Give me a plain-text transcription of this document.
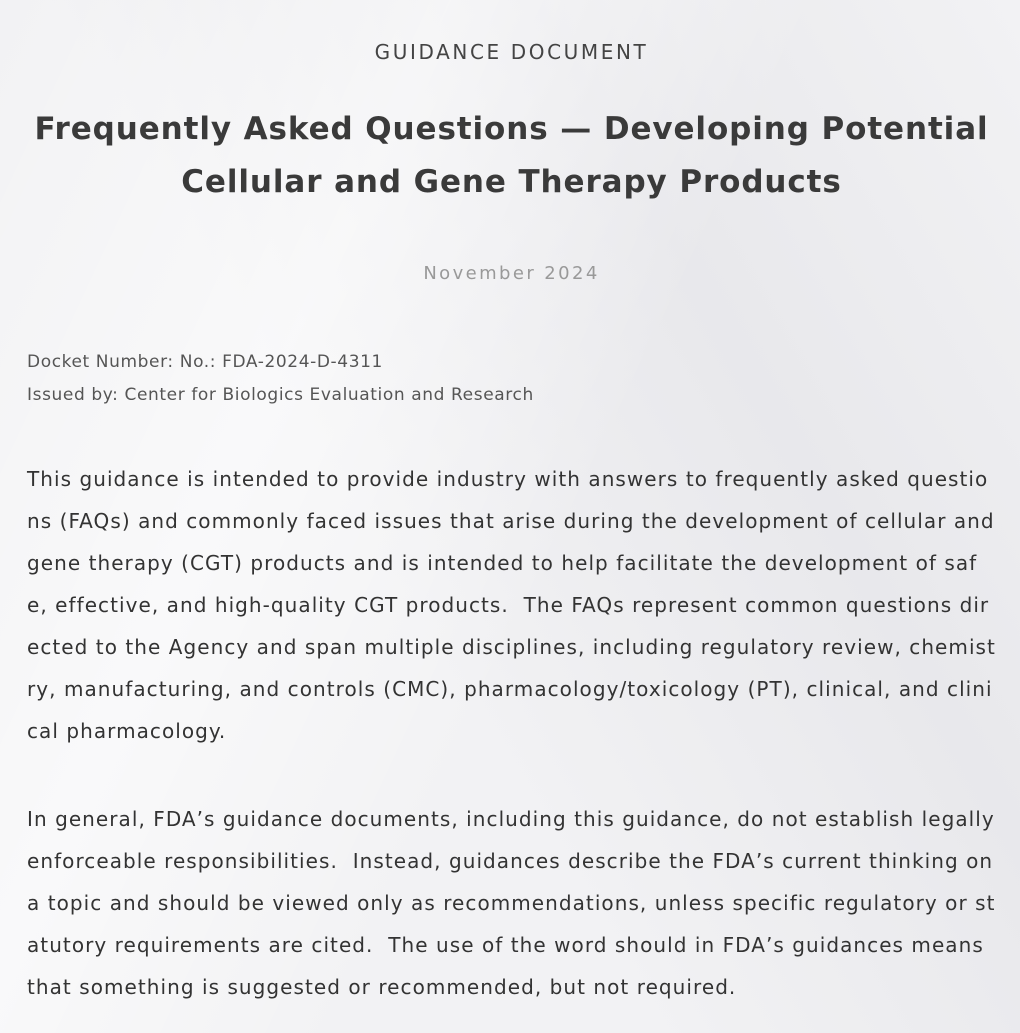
GUIDANCE DOCUMENT
Frequently Asked Questions — Developing Potential Cellular and Gene Therapy Products
November 2024
Docket Number: No.: FDA-2024-D-4311
Issued by: Center for Biologics Evaluation and Research

This guidance is intended to provide industry with answers to frequently asked questions (FAQs) and commonly faced issues that arise during the development of cellular and gene therapy (CGT) products and is intended to help facilitate the development of safe, effective, and high-quality CGT products.  The FAQs represent common questions directed to the Agency and span multiple disciplines, including regulatory review, chemistry, manufacturing, and controls (CMC), pharmacology/toxicology (PT), clinical, and clinical pharmacology.

In general, FDA’s guidance documents, including this guidance, do not establish legally enforceable responsibilities.  Instead, guidances describe the FDA’s current thinking on a topic and should be viewed only as recommendations, unless specific regulatory or statutory requirements are cited.  The use of the word should in FDA’s guidances means that something is suggested or recommended, but not required.
